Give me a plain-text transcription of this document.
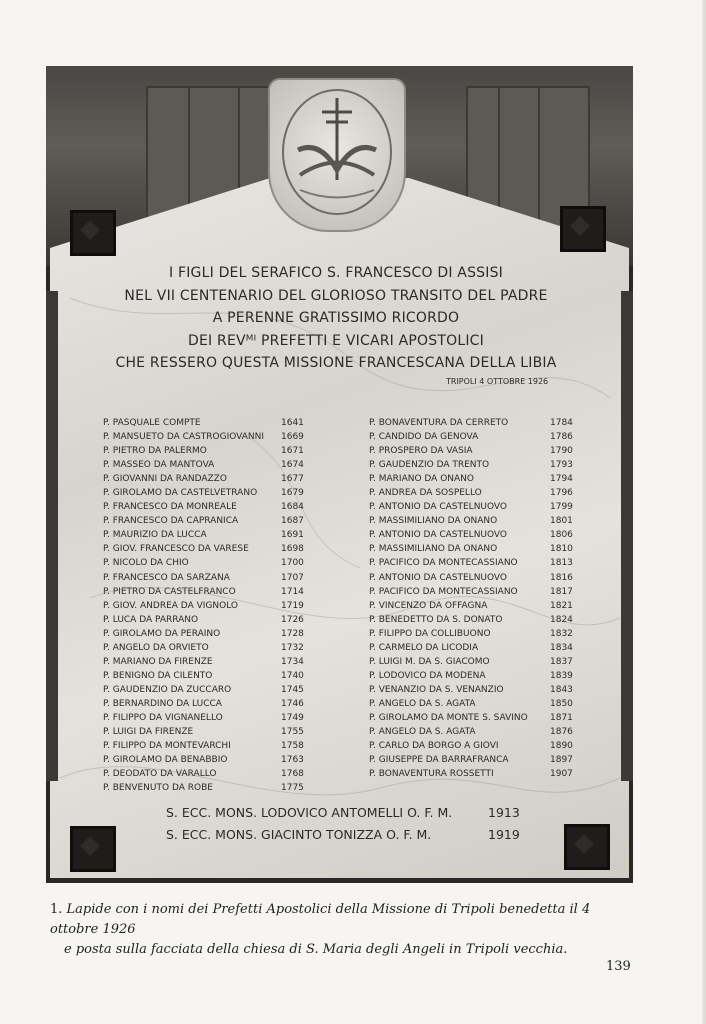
I FIGLI DEL SERAFICO S. FRANCESCO DI ASSISI
NEL VII CENTENARIO DEL GLORIOSO TRANSITO DEL PADRE
A PERENNE GRATISSIMO RICORDO
DEI REVᴹᴵ PREFETTI E VICARI APOSTOLICI
CHE RESSERO QUESTA MISSIONE FRANCESCANA DELLA LIBIA
TRIPOLI 4 OTTOBRE 1926
P. PASQUALE COMPTE	1641
P. MANSUETO DA CASTROGIOVANNI 1669
P. PIETRO DA PALERMO	1671
P. MASSEO DA MANTOVA	1674
P. GIOVANNI DA RANDAZZO	1677
P. GIROLAMO DA CASTELVETRANO	1679
P. FRANCESCO DA MONREALE	1684
P. FRANCESCO DA CAPRANICA	1687
P. MAURIZIO DA LUCCA	1691
P. GIOV. FRANCESCO DA VARESE	1698
P. NICOLO DA CHIO	1700
P. FRANCESCO DA SARZANA	1707
P. PIETRO DA CASTELFRANCO	1714
P. GIOV. ANDREA DA VIGNOLO	1719
P. LUCA DA PARRANO	1726
P. GIROLAMO DA PERAINO	1728
P. ANGELO DA ORVIETO	1732
P. MARIANO DA FIRENZE	1734
P. BENIGNO DA CILENTO	1740
P. GAUDENZIO DA ZUCCARO	1745
P. BERNARDINO DA LUCCA	1746
P. FILIPPO DA VIGNANELLO	1749
P. LUIGI DA FIRENZE	1755
P. FILIPPO DA MONTEVARCHI	1758
P. GIROLAMO DA BENABBIO	1763
P. DEODATO DA VARALLO	1768
P. BENVENUTO DA ROBE	1775
P. BONAVENTURA DA CERRETO	1784
P. CANDIDO DA GENOVA	1786
P. PROSPERO DA VASIA	1790
P. GAUDENZIO DA TRENTO	1793
P. MARIANO DA ONANO	1794
P. ANDREA DA SOSPELLO	1796
P. ANTONIO DA CASTELNUOVO	1799
P. MASSIMILIANO DA ONANO	1801
P. ANTONIO DA CASTELNUOVO	1806
P. MASSIMILIANO DA ONANO	1810
P. PACIFICO DA MONTECASSIANO	1813
P. ANTONIO DA CASTELNUOVO	1816
P. PACIFICO DA MONTECASSIANO	1817
P. VINCENZO DA OFFAGNA	1821
P. BENEDETTO DA S. DONATO	1824
P. FILIPPO DA COLLIBUONO	1832
P. CARMELO DA LICODIA	1834
P. LUIGI M. DA S. GIACOMO	1837
P. LODOVICO DA MODENA	1839
P. VENANZIO DA S. VENANZIO	1843
P. ANGELO DA S. AGATA	1850
P. GIROLAMO DA MONTE S. SAVINO 1871
P. ANGELO DA S. AGATA	1876
P. CARLO DA BORGO A GIOVI	1890
P. GIUSEPPE DA BARRAFRANCA	1897
P. BONAVENTURA ROSSETTI	1907
S. ECC. MONS. LODOVICO ANTOMELLI O. F. M.	1913
S. ECC. MONS. GIACINTO TONIZZA O. F. M.	1919
1. Lapide con i nomi dei Prefetti Apostolici della Missione di Tripoli benedetta il 4 ottobre 1926
e posta sulla facciata della chiesa di S. Maria degli Angeli in Tripoli vecchia.
139
